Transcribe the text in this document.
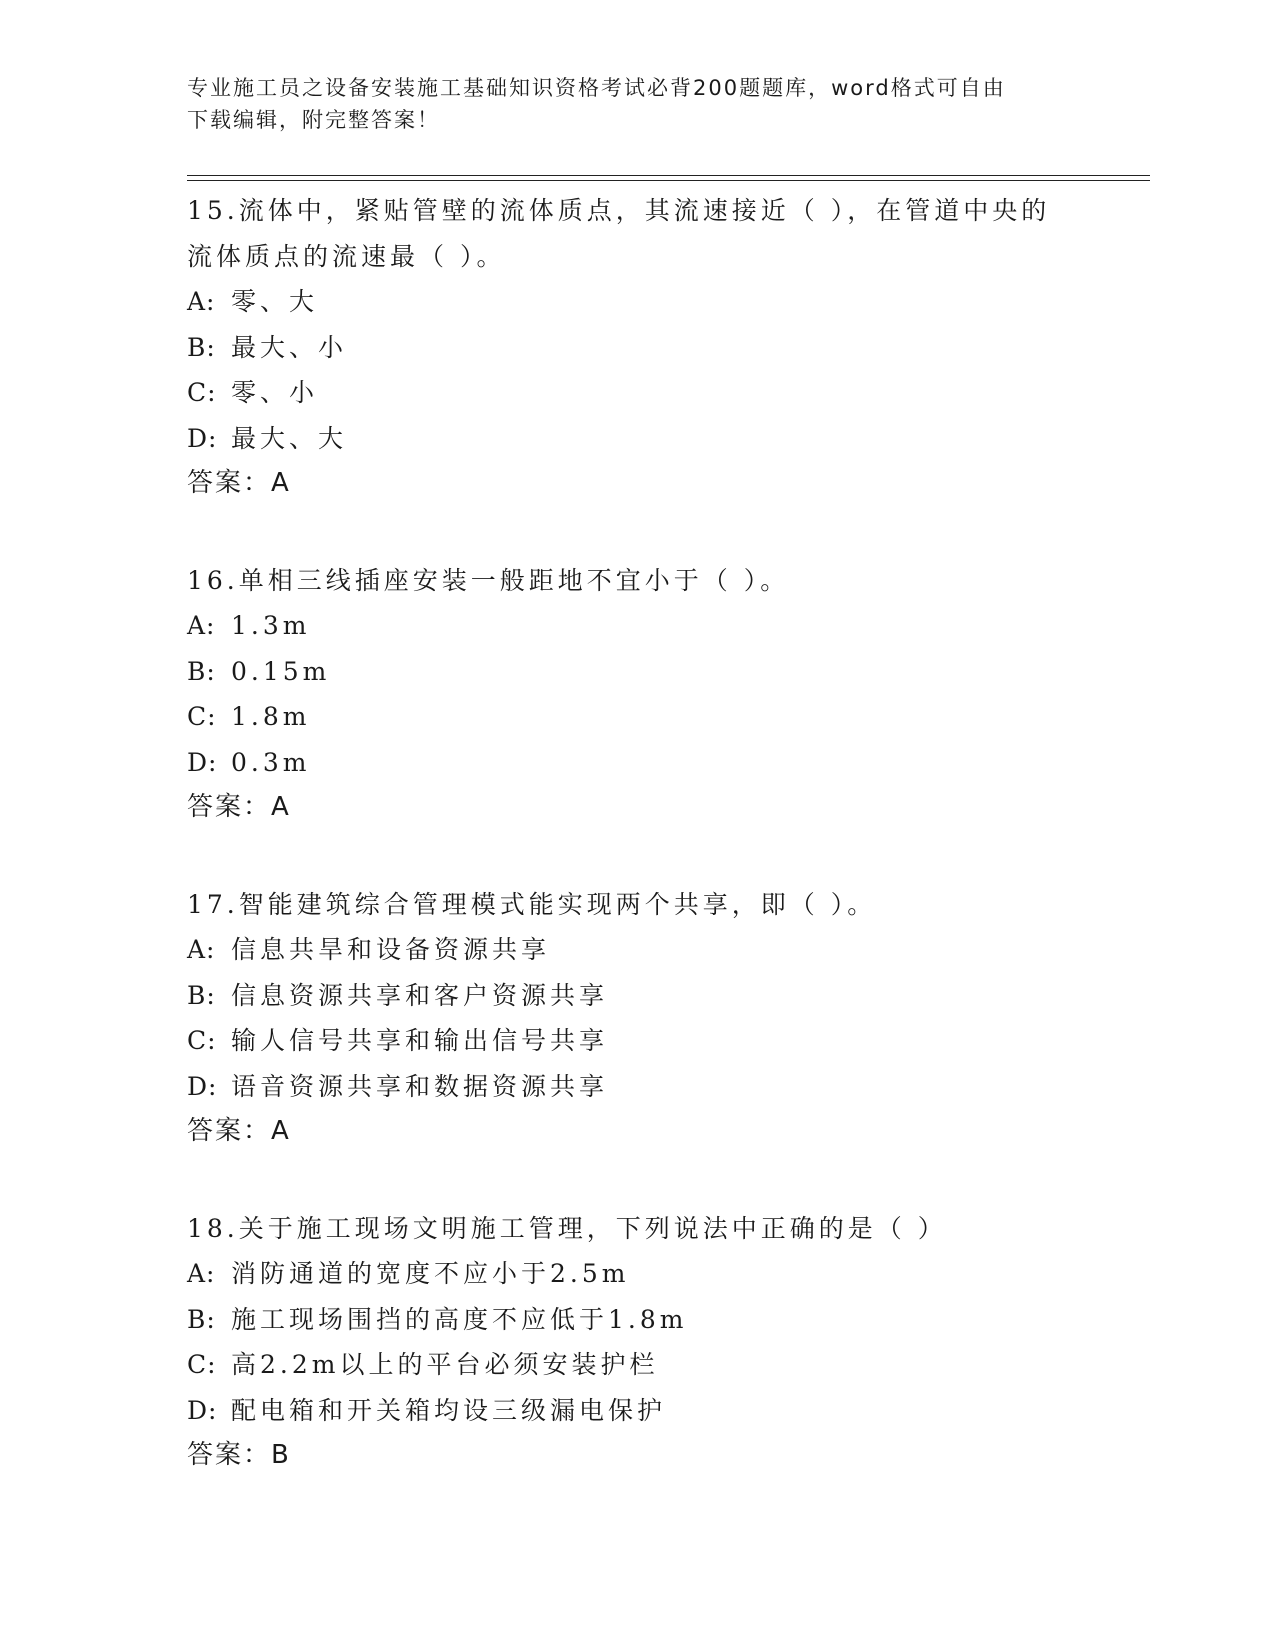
专业施工员之设备安装施工基础知识资格考试必背200题题库，word格式可自由
下载编辑，附完整答案！
15.流体中，紧贴管壁的流体质点，其流速接近（ ），在管道中央的
流体质点的流速最（ ）。
A: 零、大
B: 最大、小
C: 零、小
D: 最大、大
答案：A
16.单相三线插座安装一般距地不宜小于（ ）。
A: 1.3m
B: 0.15m
C: 1.8m
D: 0.3m
答案：A
17.智能建筑综合管理模式能实现两个共享，即（ ）。
A: 信息共旱和设备资源共享
B: 信息资源共享和客户资源共享
C: 输人信号共享和输出信号共享
D: 语音资源共享和数据资源共享
答案：A
18.关于施工现场文明施工管理，下列说法中正确的是（ ）
A: 消防通道的宽度不应小于2.5m
B: 施工现场围挡的高度不应低于1.8m
C: 高2.2m以上的平台必须安装护栏
D: 配电箱和开关箱均设三级漏电保护
答案：B
